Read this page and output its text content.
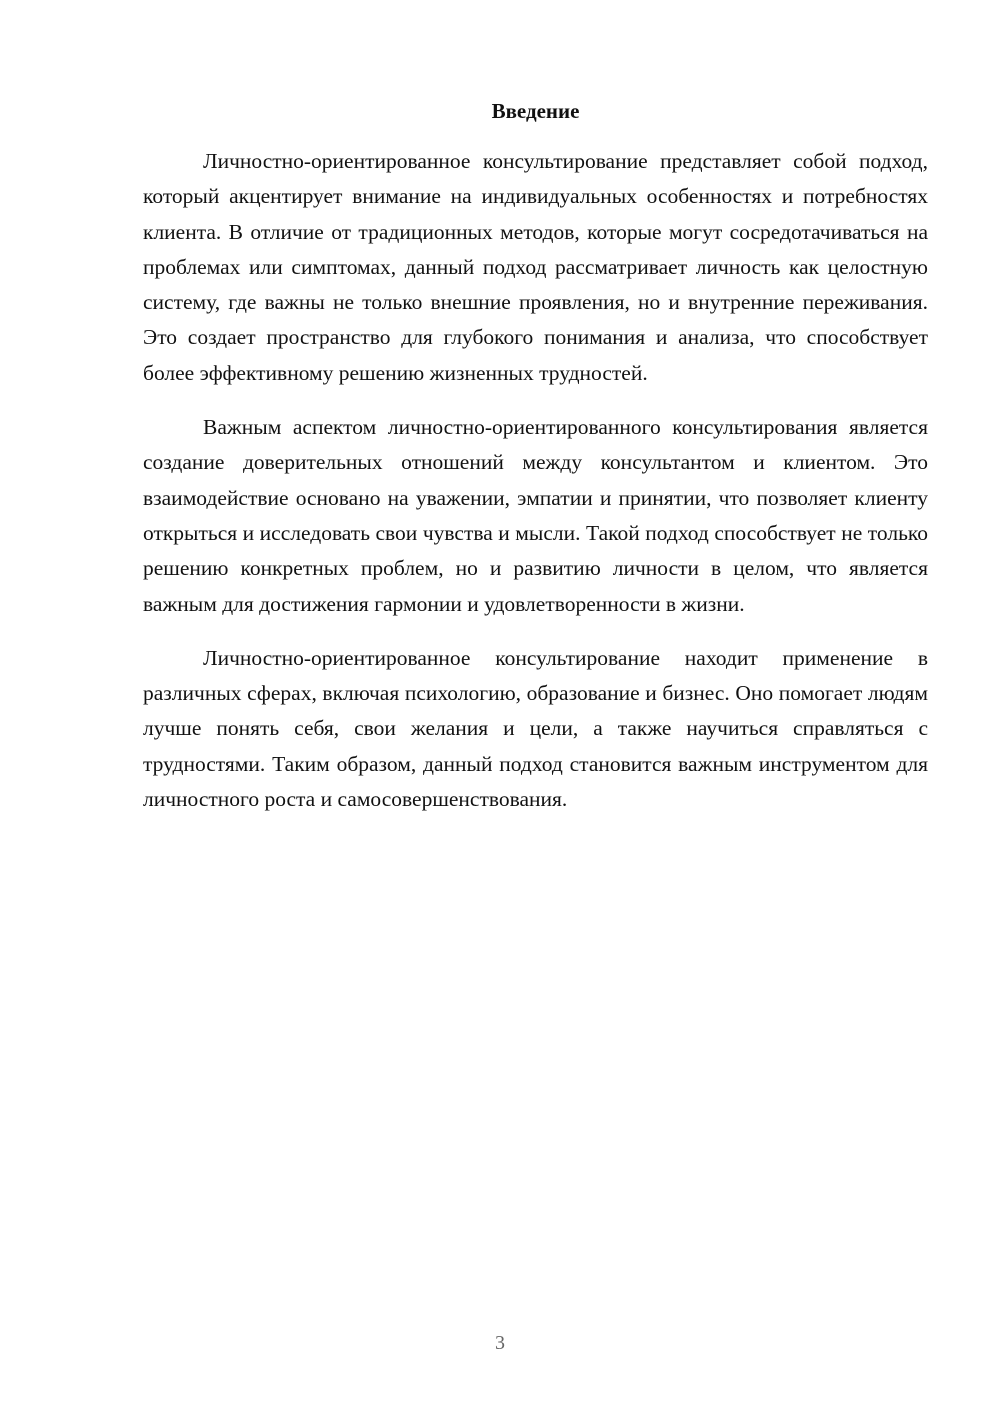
Введение

Личностно-ориентированное консультирование представляет собой подход, который акцентирует внимание на индивидуальных особенностях и потребностях клиента. В отличие от традиционных методов, которые могут сосредотачиваться на проблемах или симптомах, данный подход рассматривает личность как целостную систему, где важны не только внешние проявления, но и внутренние переживания. Это создает пространство для глубокого понимания и анализа, что способствует более эффективному решению жизненных трудностей.

Важным аспектом личностно-ориентированного консультирования является создание доверительных отношений между консультантом и клиентом. Это взаимодействие основано на уважении, эмпатии и принятии, что позволяет клиенту открыться и исследовать свои чувства и мысли. Такой подход способствует не только решению конкретных проблем, но и развитию личности в целом, что является важным для достижения гармонии и удовлетворенности в жизни.

Личностно-ориентированное консультирование находит применение в различных сферах, включая психологию, образование и бизнес. Оно помогает людям лучше понять себя, свои желания и цели, а также научиться справляться с трудностями. Таким образом, данный подход становится важным инструментом для личностного роста и самосовершенствования.

3
